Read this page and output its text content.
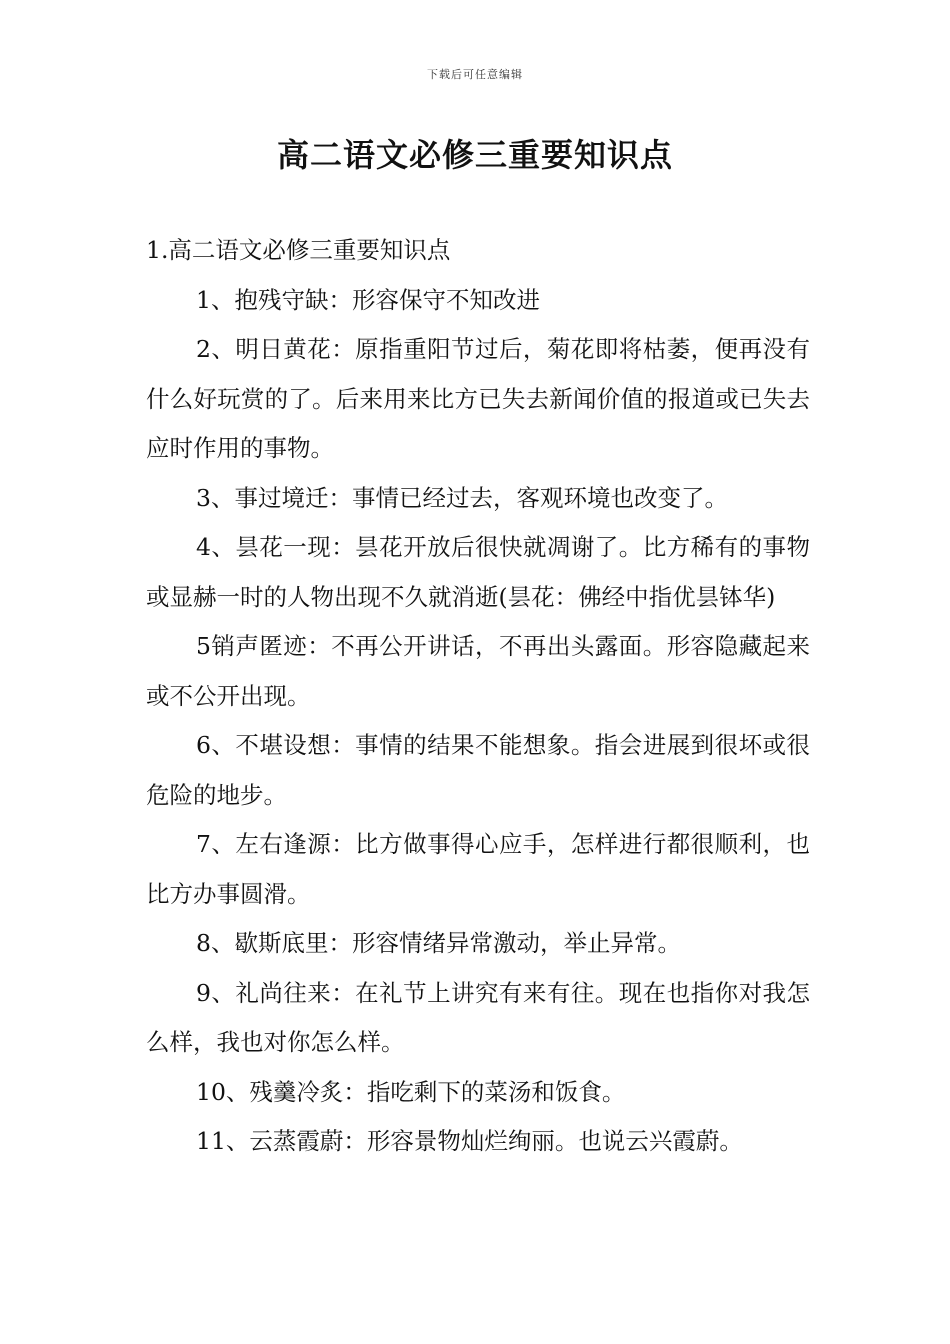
下载后可任意编辑
高二语文必修三重要知识点

1.高二语文必修三重要知识点

1、抱残守缺：形容保守不知改进

2、明日黄花：原指重阳节过后，菊花即将枯萎，便再没有什么好玩赏的了。后来用来比方已失去新闻价值的报道或已失去应时作用的事物。

3、事过境迁：事情已经过去，客观环境也改变了。

4、昙花一现：昙花开放后很快就凋谢了。比方稀有的事物或显赫一时的人物出现不久就消逝(昙花：佛经中指优昙钵华)

5销声匿迹：不再公开讲话，不再出头露面。形容隐藏起来或不公开出现。

6、不堪设想：事情的结果不能想象。指会进展到很坏或很危险的地步。

7、左右逢源：比方做事得心应手，怎样进行都很顺利，也比方办事圆滑。

8、歇斯底里：形容情绪异常激动，举止异常。

9、礼尚往来：在礼节上讲究有来有往。现在也指你对我怎么样，我也对你怎么样。

10、残羹冷炙：指吃剩下的菜汤和饭食。

11、云蒸霞蔚：形容景物灿烂绚丽。也说云兴霞蔚。
